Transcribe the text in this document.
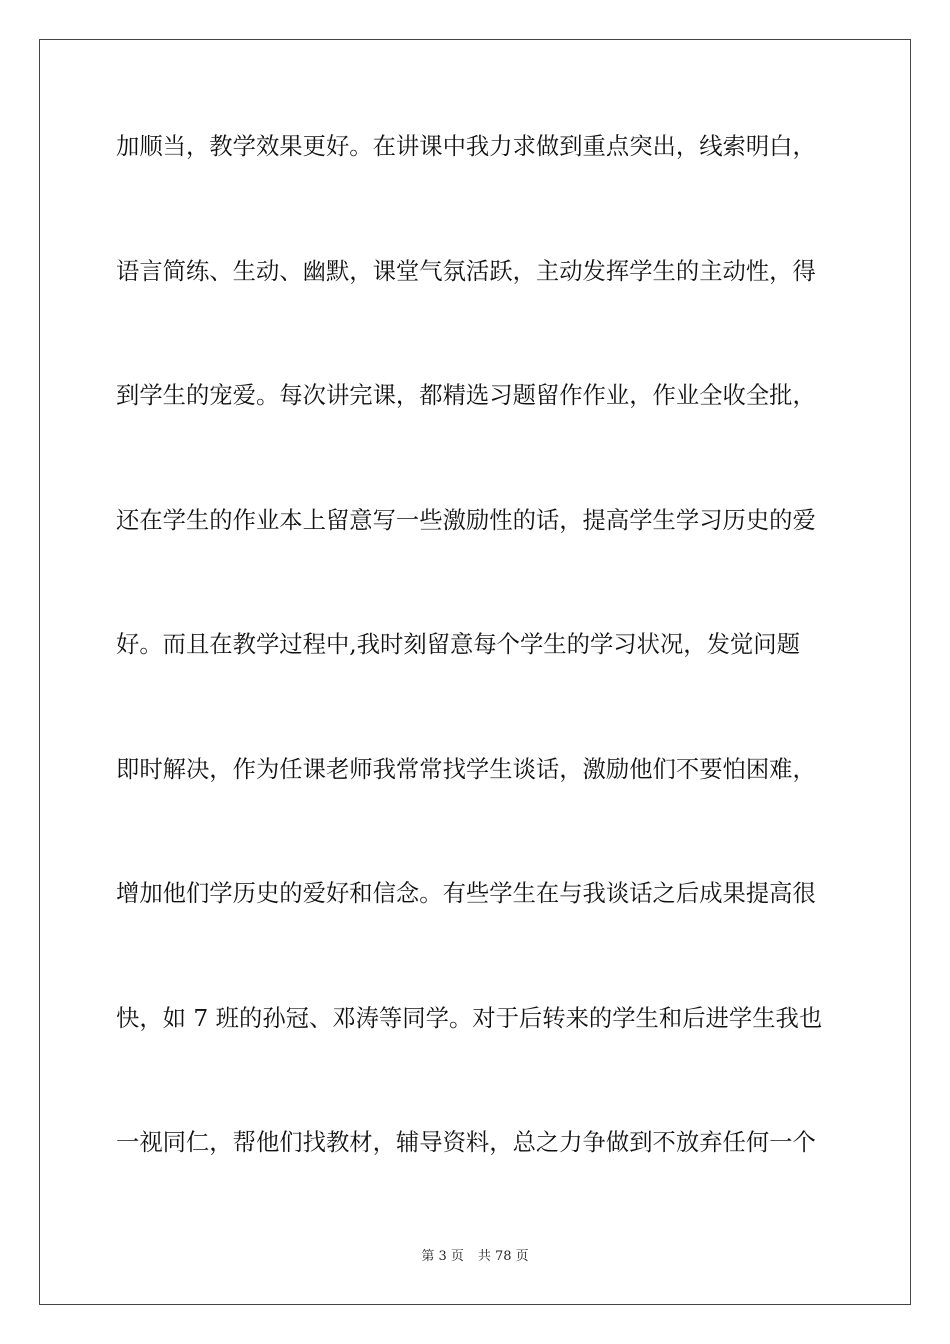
加顺当，教学效果更好。在讲课中我力求做到重点突出，线索明白，
语言简练、生动、幽默，课堂气氛活跃，主动发挥学生的主动性，得
到学生的宠爱。每次讲完课，都精选习题留作作业，作业全收全批，
还在学生的作业本上留意写一些激励性的话，提高学生学习历史的爱
好。而且在教学过程中,我时刻留意每个学生的学习状况，发觉问题
即时解决，作为任课老师我常常找学生谈话，激励他们不要怕困难，
增加他们学历史的爱好和信念。有些学生在与我谈话之后成果提高很
快，如 7 班的孙冠、邓涛等同学。对于后转来的学生和后进学生我也
一视同仁，帮他们找教材，辅导资料，总之力争做到不放弃任何一个
第 3 页 共 78 页
